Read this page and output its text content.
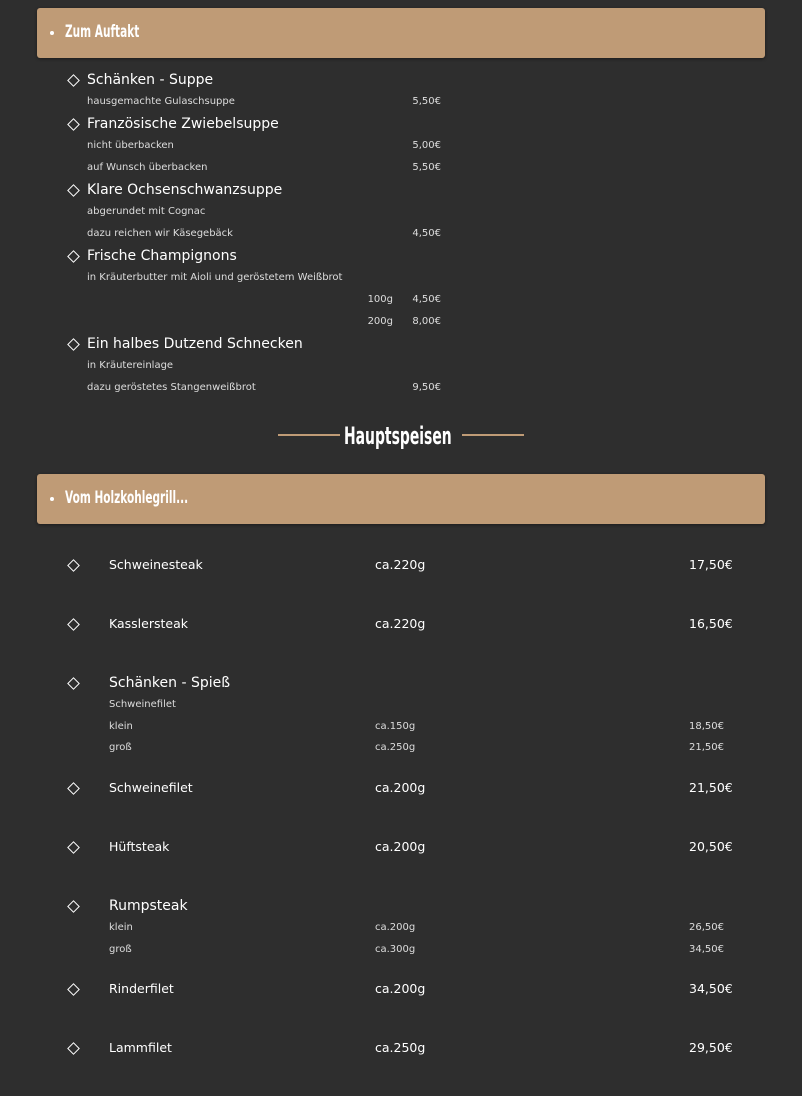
Zum Auftakt
Schänken - Suppe
hausgemachte Gulaschsuppe	5,50€
Französische Zwiebelsuppe
nicht überbacken	5,00€
auf Wunsch überbacken	5,50€
Klare Ochsenschwanzsuppe
abgerundet mit Cognac
dazu reichen wir Käsegebäck	4,50€
Frische Champignons
in Kräuterbutter mit Aioli und geröstetem Weißbrot
100g 4,50€
200g 8,00€
Ein halbes Dutzend Schnecken
in Kräutereinlage
dazu geröstetes Stangenweißbrot	9,50€
Hauptspeisen
Vom Holzkohlegrill...
Schweinesteak	ca.220g	17,50€
Kasslersteak	ca.220g	16,50€
Schänken - Spieß
Schweinefilet
klein	ca.150g	18,50€
groß	ca.250g	21,50€
Schweinefilet	ca.200g	21,50€
Hüftsteak	ca.200g	20,50€
Rumpsteak
klein	ca.200g	26,50€
groß	ca.300g	34,50€
Rinderfilet	ca.200g	34,50€
Lammfilet	ca.250g	29,50€
